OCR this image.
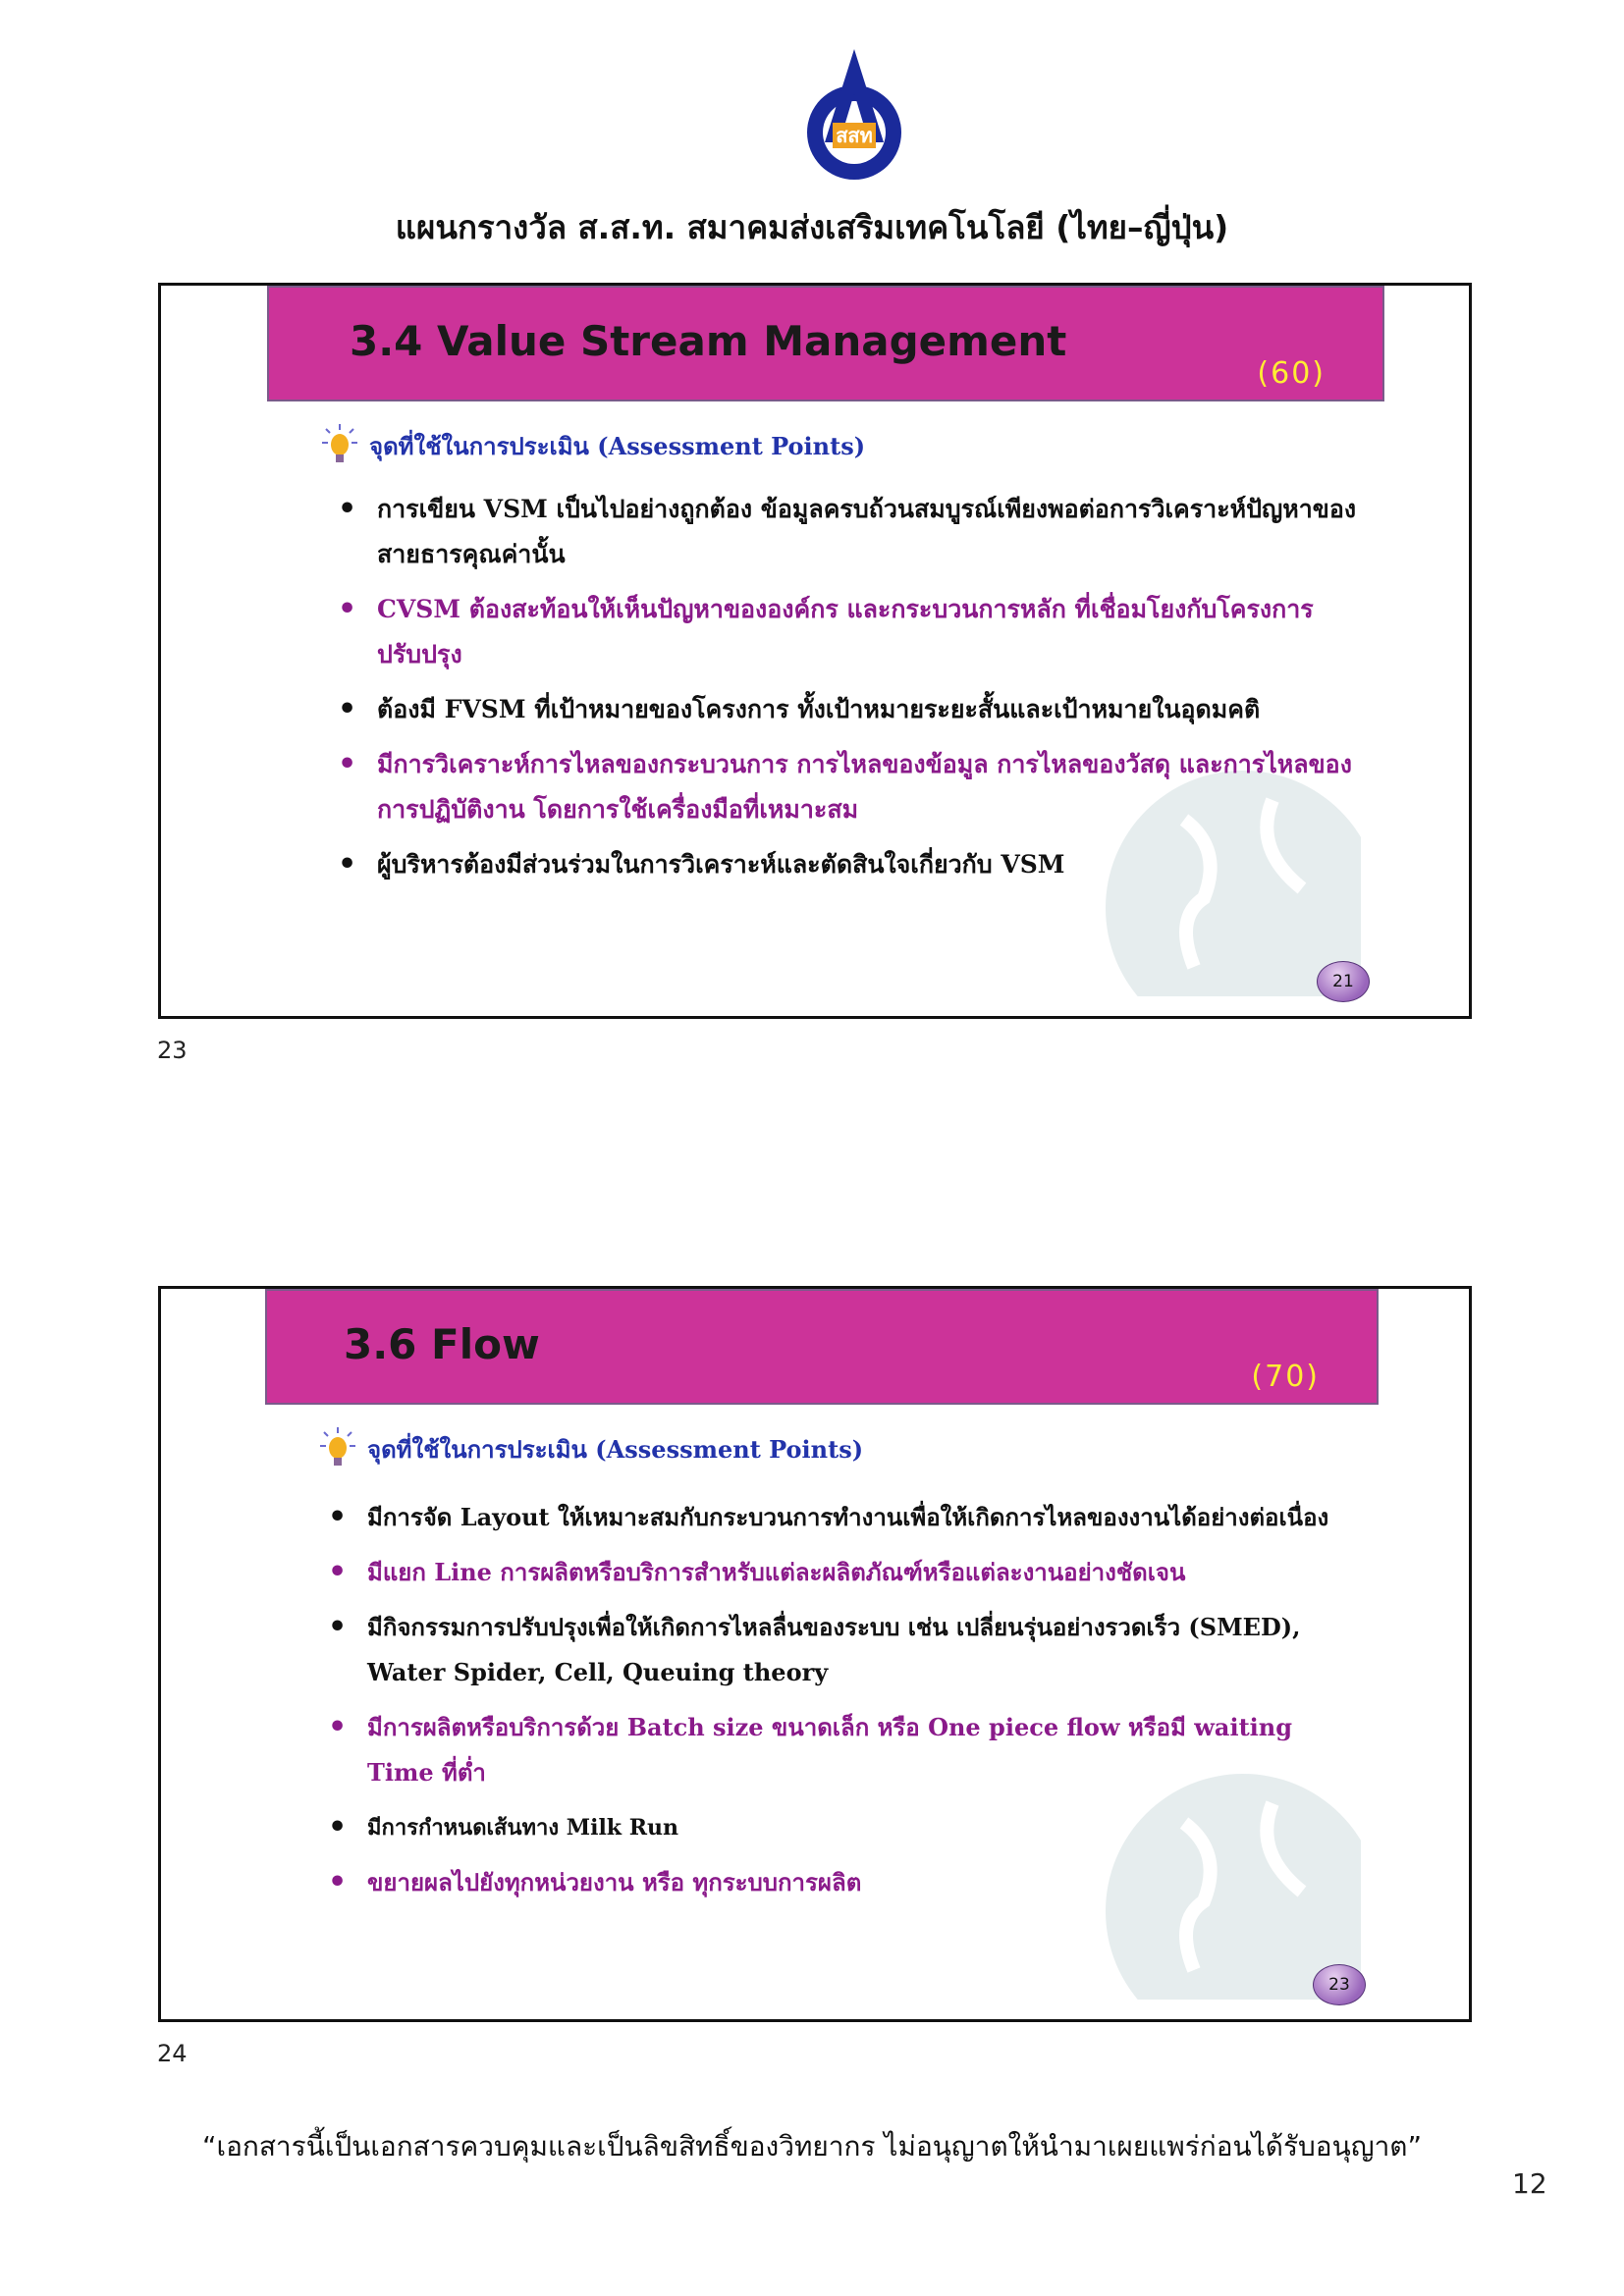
สสท
แผนกรางวัล ส.ส.ท. สมาคมส่งเสริมเทคโนโลยี (ไทย–ญี่ปุ่น)
3.4 Value Stream Management
(60)
จุดที่ใช้ในการประเมิน (Assessment Points)
• การเขียน VSM เป็นไปอย่างถูกต้อง ข้อมูลครบถ้วนสมบูรณ์เพียงพอต่อการวิเคราะห์ปัญหาของสายธารคุณค่านั้น
• CVSM ต้องสะท้อนให้เห็นปัญหาขององค์กร และกระบวนการหลัก ที่เชื่อมโยงกับโครงการปรับปรุง
• ต้องมี FVSM ที่เป้าหมายของโครงการ ทั้งเป้าหมายระยะสั้นและเป้าหมายในอุดมคติ
• มีการวิเคราะห์การไหลของกระบวนการ การไหลของข้อมูล การไหลของวัสดุ และการไหลของการปฏิบัติงาน โดยการใช้เครื่องมือที่เหมาะสม
• ผู้บริหารต้องมีส่วนร่วมในการวิเคราะห์และตัดสินใจเกี่ยวกับ VSM
21
23
3.6 Flow
(70)
จุดที่ใช้ในการประเมิน (Assessment Points)
• มีการจัด Layout ให้เหมาะสมกับกระบวนการทำงานเพื่อให้เกิดการไหลของงานได้อย่างต่อเนื่อง
• มีแยก Line การผลิตหรือบริการสำหรับแต่ละผลิตภัณฑ์หรือแต่ละงานอย่างชัดเจน
• มีกิจกรรมการปรับปรุงเพื่อให้เกิดการไหลลื่นของระบบ เช่น เปลี่ยนรุ่นอย่างรวดเร็ว (SMED), Water Spider, Cell, Queuing theory
• มีการผลิตหรือบริการด้วย Batch size ขนาดเล็ก หรือ One piece flow หรือมี waiting Time ที่ต่ำ
• มีการกำหนดเส้นทาง Milk Run
• ขยายผลไปยังทุกหน่วยงาน หรือ ทุกระบบการผลิต
23
24
“เอกสารนี้เป็นเอกสารควบคุมและเป็นลิขสิทธิ์ของวิทยากร ไม่อนุญาตให้นำมาเผยแพร่ก่อนได้รับอนุญาต”
12
